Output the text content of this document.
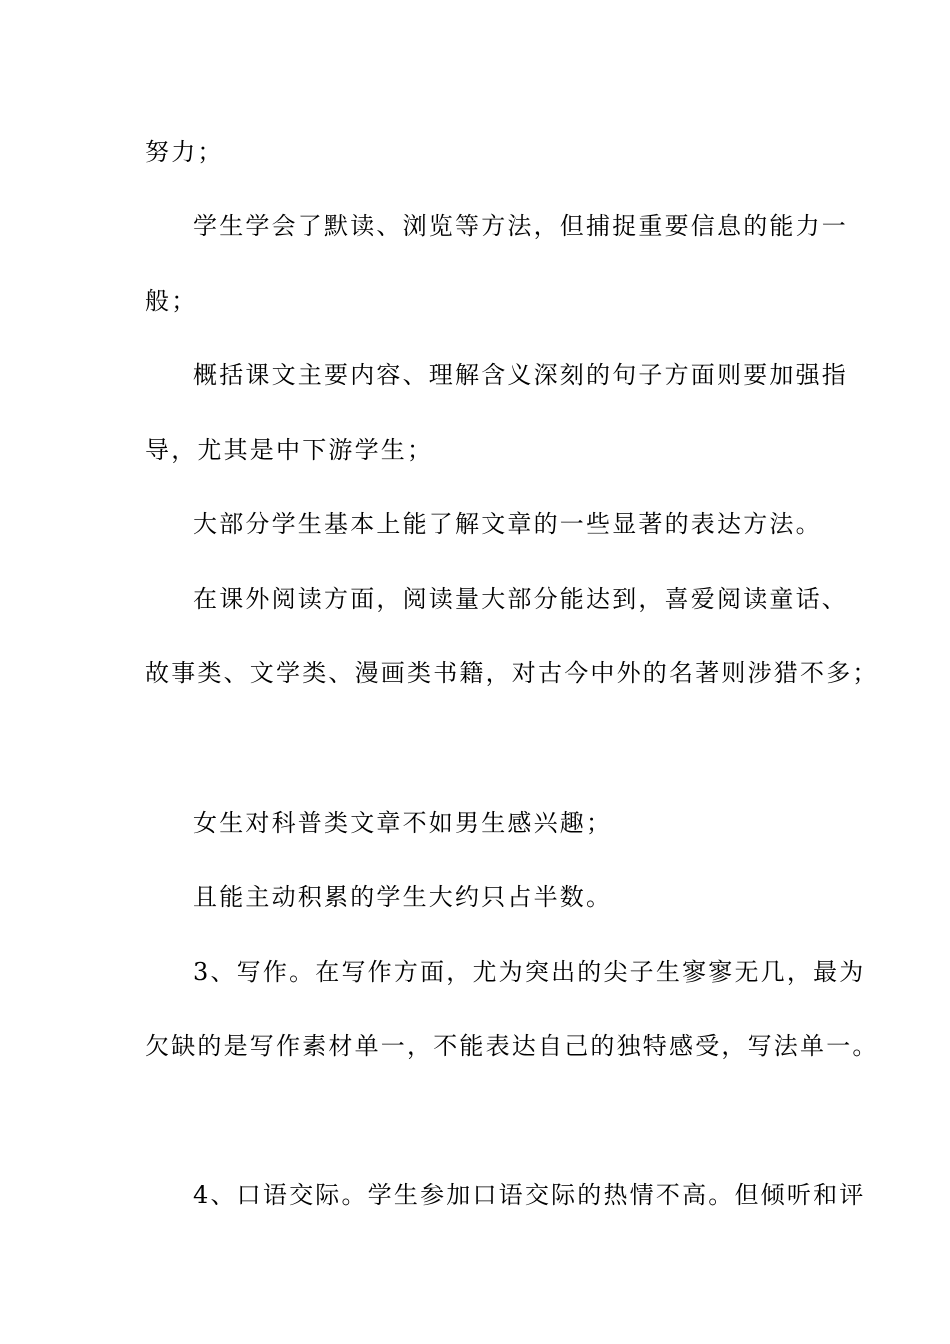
努力；
学生学会了默读、浏览等方法，但捕捉重要信息的能力一
般；
概括课文主要内容、理解含义深刻的句子方面则要加强指
导，尤其是中下游学生；
大部分学生基本上能了解文章的一些显著的表达方法。
在课外阅读方面，阅读量大部分能达到，喜爱阅读童话、
故事类、文学类、漫画类书籍，对古今中外的名著则涉猎不多；
女生对科普类文章不如男生感兴趣；
且能主动积累的学生大约只占半数。
3、写作。在写作方面，尤为突出的尖子生寥寥无几，最为
欠缺的是写作素材单一，不能表达自己的独特感受，写法单一。
4、口语交际。学生参加口语交际的热情不高。但倾听和评
